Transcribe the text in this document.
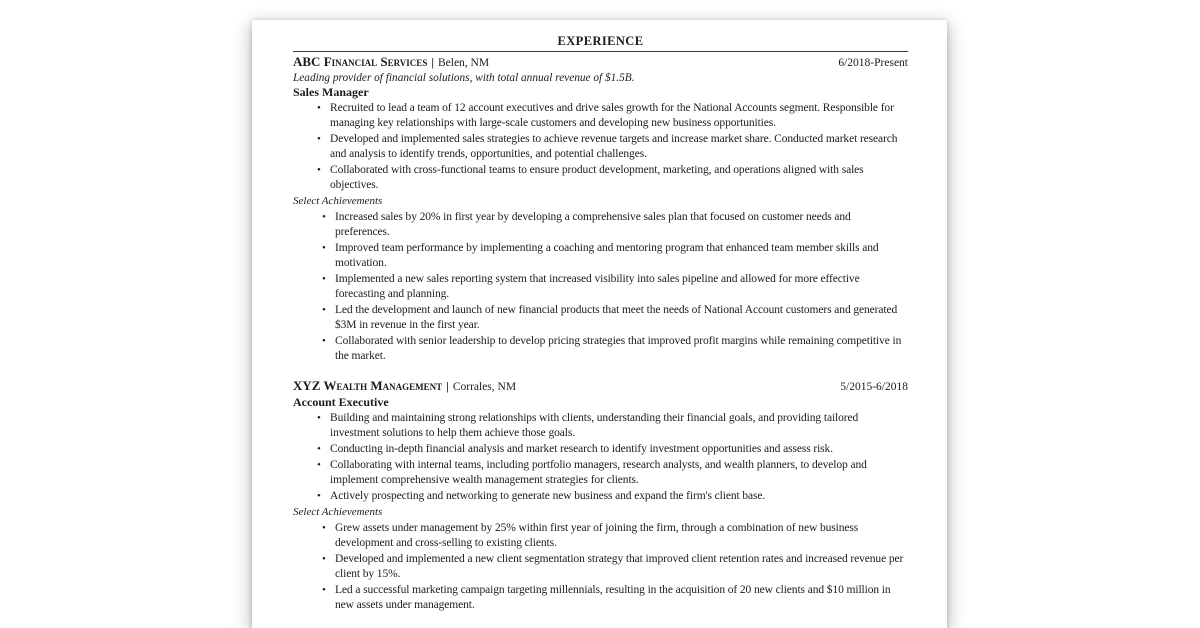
EXPERIENCE
ABC Financial Services | Belen, NM	6/2018-Present
Leading provider of financial solutions, with total annual revenue of $1.5B.
Sales Manager
• Recruited to lead a team of 12 account executives and drive sales growth for the National Accounts segment. Responsible for managing key relationships with large-scale customers and developing new business opportunities.
• Developed and implemented sales strategies to achieve revenue targets and increase market share. Conducted market research and analysis to identify trends, opportunities, and potential challenges.
• Collaborated with cross-functional teams to ensure product development, marketing, and operations aligned with sales objectives.
Select Achievements
• Increased sales by 20% in first year by developing a comprehensive sales plan that focused on customer needs and preferences.
• Improved team performance by implementing a coaching and mentoring program that enhanced team member skills and motivation.
• Implemented a new sales reporting system that increased visibility into sales pipeline and allowed for more effective forecasting and planning.
• Led the development and launch of new financial products that meet the needs of National Account customers and generated $3M in revenue in the first year.
• Collaborated with senior leadership to develop pricing strategies that improved profit margins while remaining competitive in the market.
XYZ Wealth Management | Corrales, NM	5/2015-6/2018
Account Executive
• Building and maintaining strong relationships with clients, understanding their financial goals, and providing tailored investment solutions to help them achieve those goals.
• Conducting in-depth financial analysis and market research to identify investment opportunities and assess risk.
• Collaborating with internal teams, including portfolio managers, research analysts, and wealth planners, to develop and implement comprehensive wealth management strategies for clients.
• Actively prospecting and networking to generate new business and expand the firm's client base.
Select Achievements
• Grew assets under management by 25% within first year of joining the firm, through a combination of new business development and cross-selling to existing clients.
• Developed and implemented a new client segmentation strategy that improved client retention rates and increased revenue per client by 15%.
• Led a successful marketing campaign targeting millennials, resulting in the acquisition of 20 new clients and $10 million in new assets under management.
